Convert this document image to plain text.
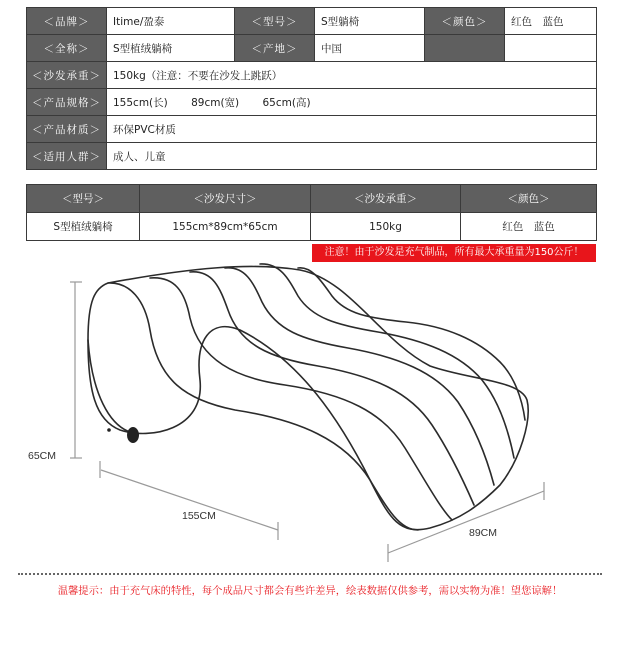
＜品牌＞	Itime/盈泰	＜型号＞	S型躺椅	＜颜色＞	红色　蓝色
＜全称＞	S型植绒躺椅	＜产地＞	中国		
＜沙发承重＞	150kg（注意：不要在沙发上跳跃）				
＜产品规格＞	155cm(长) 89cm(宽) 65cm(高)				
＜产品材质＞	环保PVC材质				
＜适用人群＞	成人、儿童				
＜型号＞	＜沙发尺寸＞	＜沙发承重＞	＜颜色＞
S型植绒躺椅	155cm*89cm*65cm	150kg	红色　蓝色
注意！由于沙发是充气制品，所有最大承重量为150公斤！
65CM
155CM
89CM
温馨提示：由于充气床的特性，每个成品尺寸都会有些许差异，绘表数据仅供参考，需以实物为准！望您谅解！
